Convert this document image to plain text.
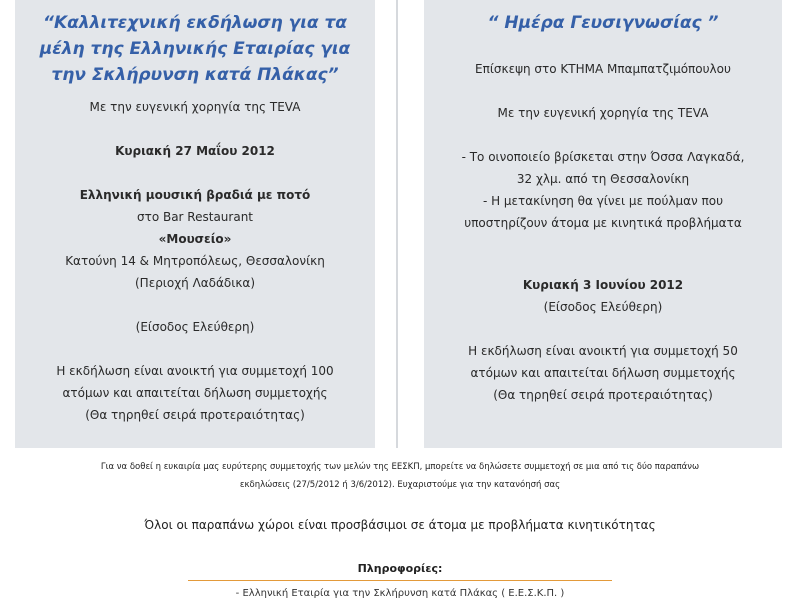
“Καλλιτεχνική εκδήλωση για τα μέλη της Ελληνικής Εταιρίας για την Σκλήρυνση κατά Πλάκας”

Με την ευγενική χορηγία της TEVA

Κυριακή 27 Μαΐου 2012

Ελληνική μουσική βραδιά με ποτό

στο Bar Restaurant

«Μουσείο»

Κατούνη 14 & Μητροπόλεως, Θεσσαλονίκη

(Περιοχή Λαδάδικα)

(Είσοδος Ελεύθερη)

Η εκδήλωση είναι ανοικτή για συμμετοχή 100

ατόμων και απαιτείται δήλωση συμμετοχής

(Θα τηρηθεί σειρά προτεραιότητας)

“ Ημέρα Γευσιγνωσίας ”

Επίσκεψη στο ΚΤΗΜΑ Μπαμπατζιμόπουλου

Με την ευγενική χορηγία της TEVA

- Το οινοποιείο βρίσκεται στην Όσσα Λαγκαδά,

32 χλμ. από τη Θεσσαλονίκη

- Η μετακίνηση θα γίνει με πούλμαν που

υποστηρίζουν άτομα με κινητικά προβλήματα

Κυριακή 3 Ιουνίου 2012

(Είσοδος Ελεύθερη)

Η εκδήλωση είναι ανοικτή για συμμετοχή 50

ατόμων και απαιτείται δήλωση συμμετοχής

(Θα τηρηθεί σειρά προτεραιότητας)

Για να δοθεί η ευκαιρία μας ευρύτερης συμμετοχής των μελών της ΕΕΣΚΠ, μπορείτε να δηλώσετε συμμετοχή σε μια από τις δύο παραπάνω
εκδηλώσεις (27/5/2012 ή 3/6/2012). Ευχαριστούμε για την κατανόησή σας
Όλοι οι παραπάνω χώροι είναι προσβάσιμοι σε άτομα με προβλήματα κινητικότητας
Πληροφορίες:
- Ελληνική Εταιρία για την Σκλήρυνση κατά Πλάκας ( Ε.Ε.Σ.Κ.Π. )
